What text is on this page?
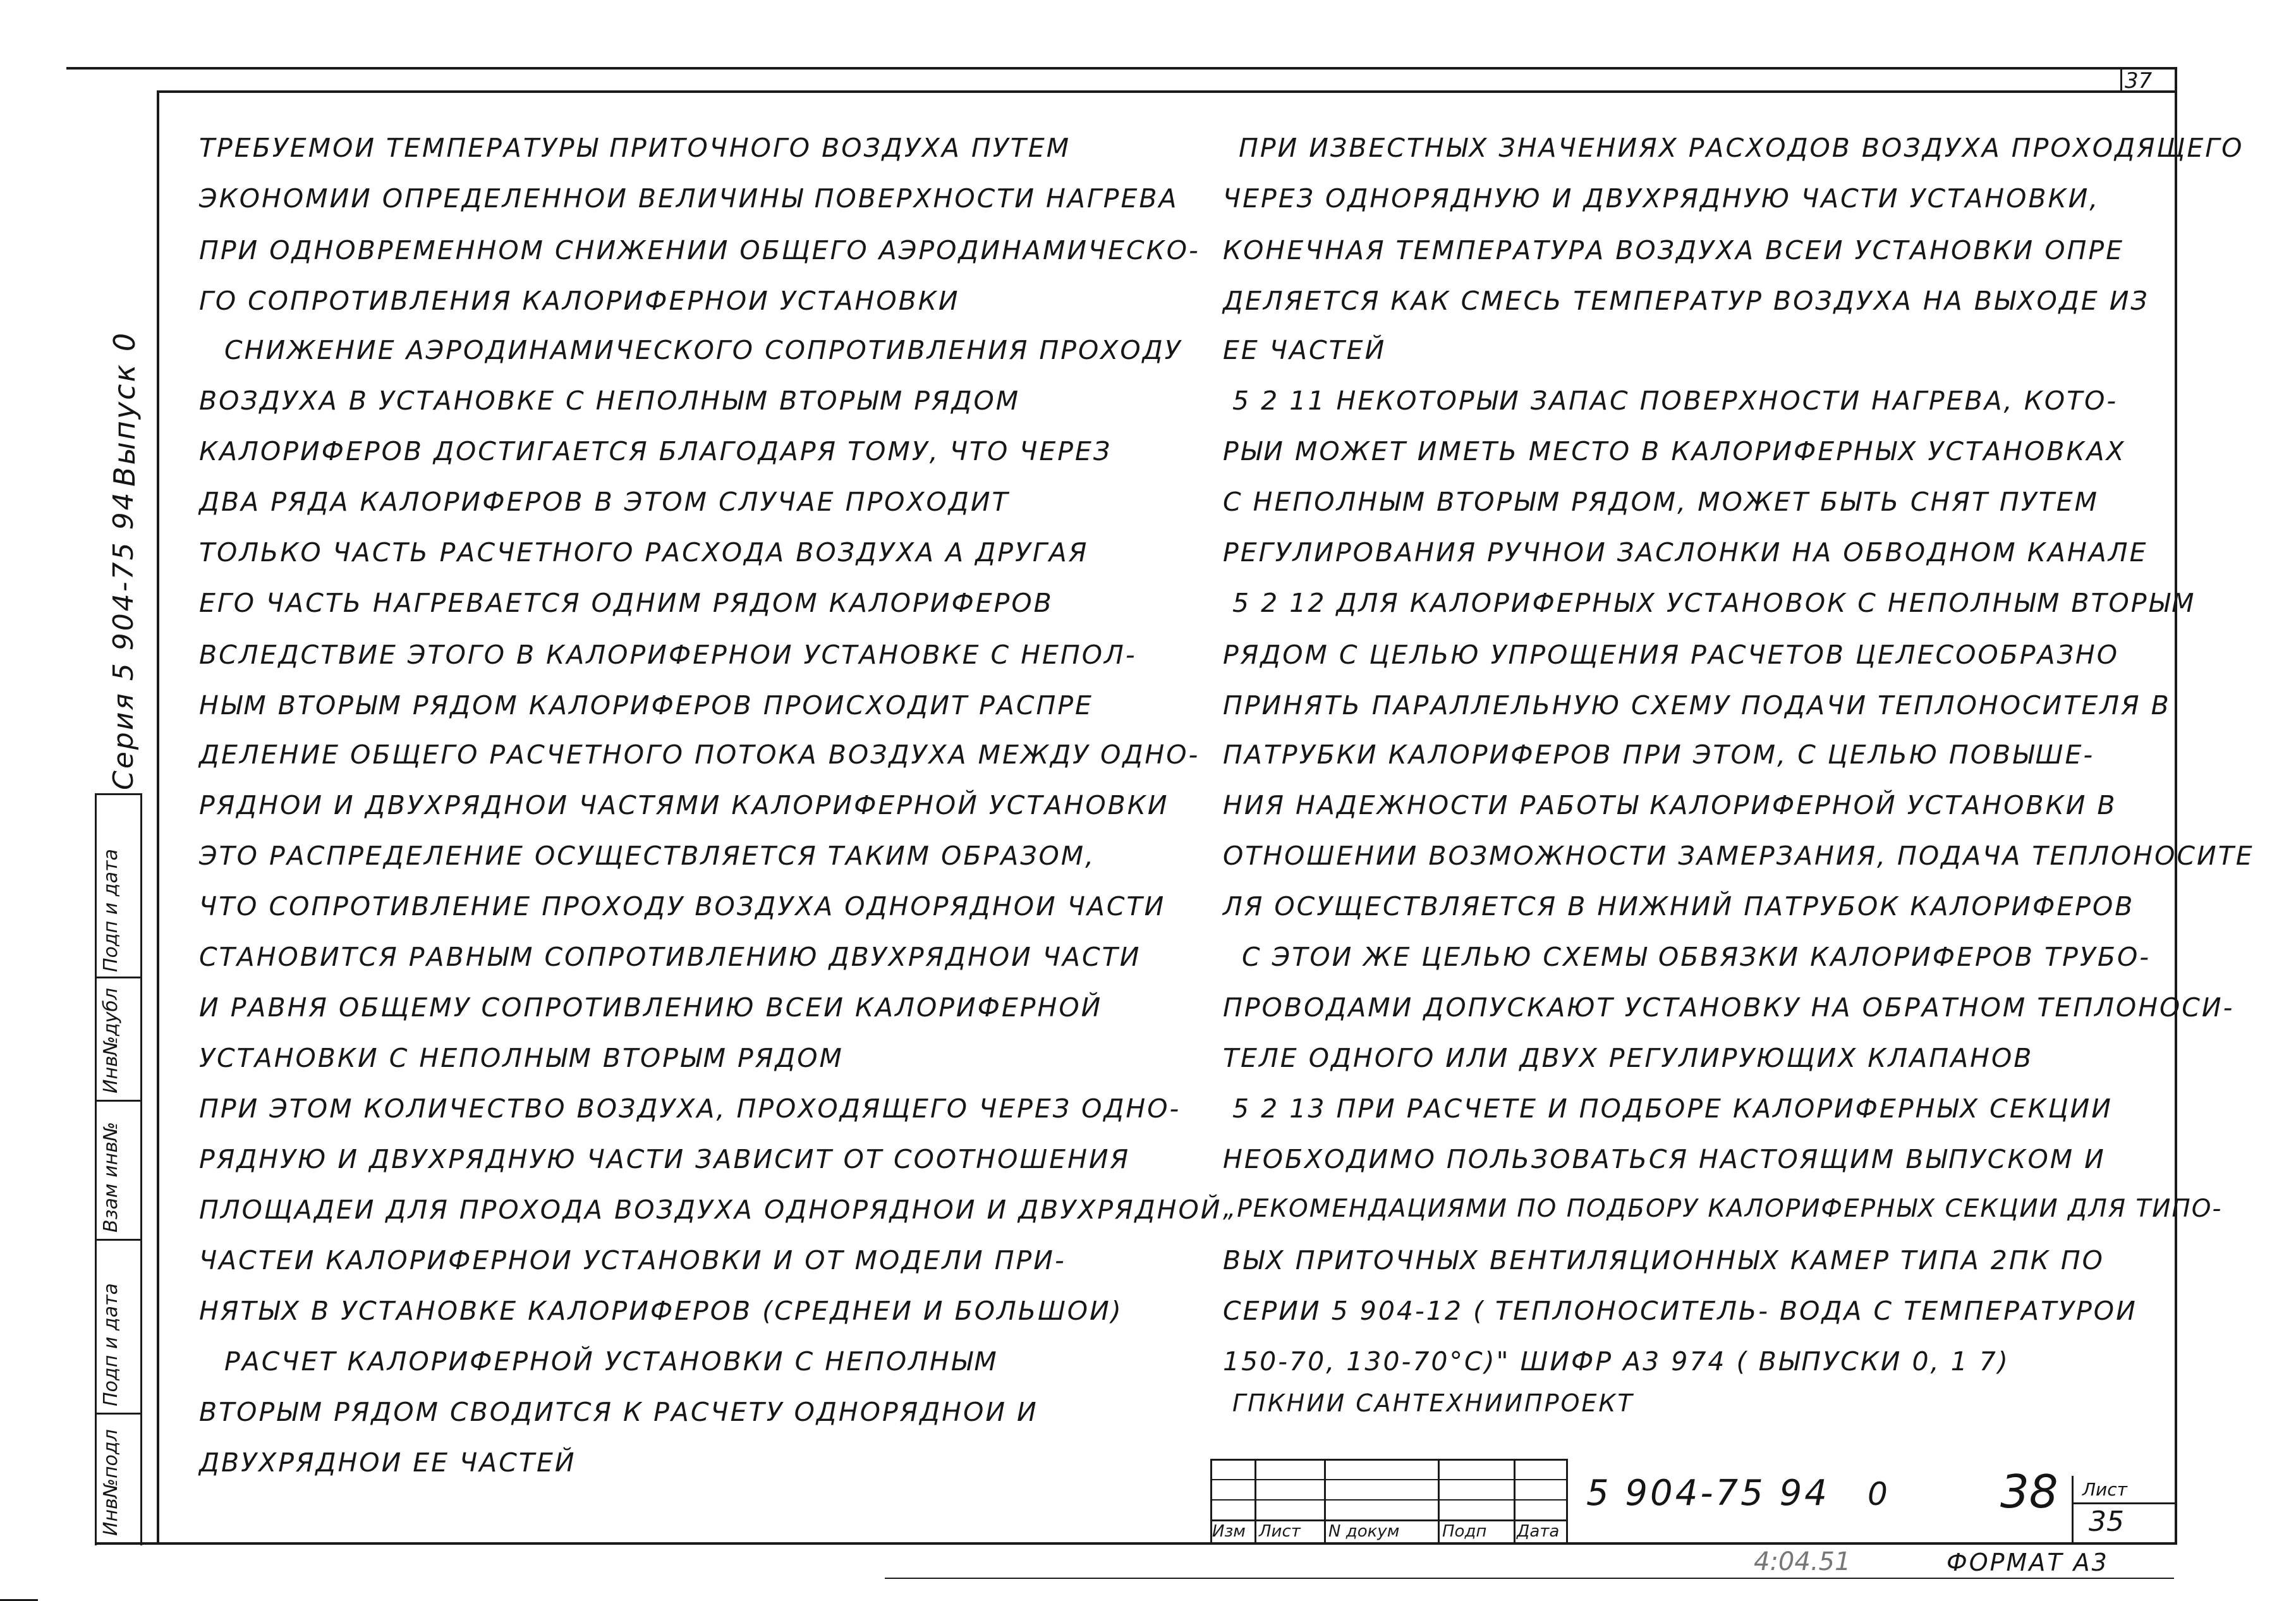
37
Серия 5 904-75 94
Выпуск 0
Инв№подл
Подп и дата
Взам инв№
Инв№дубл
Подп и дата
ТРЕБУЕМОИ ТЕМПЕРАТУРЫ ПРИТОЧНОГО ВОЗДУХА ПУТЕМ
ЭКОНОМИИ ОПРЕДЕЛЕННОИ ВЕЛИЧИНЫ ПОВЕРХНОСТИ НАГРЕВА
ПРИ ОДНОВРЕМЕННОМ СНИЖЕНИИ ОБЩЕГО АЭРОДИНАМИЧЕСКО-
ГО СОПРОТИВЛЕНИЯ КАЛОРИФЕРНОИ УСТАНОВКИ
СНИЖЕНИЕ АЭРОДИНАМИЧЕСКОГО СОПРОТИВЛЕНИЯ ПРОХОДУ
ВОЗДУХА В УСТАНОВКЕ С НЕПОЛНЫМ ВТОРЫМ РЯДОМ
КАЛОРИФЕРОВ ДОСТИГАЕТСЯ БЛАГОДАРЯ ТОМУ, ЧТО ЧЕРЕЗ
ДВА РЯДА КАЛОРИФЕРОВ В ЭТОМ СЛУЧАЕ ПРОХОДИТ
ТОЛЬКО ЧАСТЬ РАСЧЕТНОГО РАСХОДА ВОЗДУХА А ДРУГАЯ
ЕГО ЧАСТЬ НАГРЕВАЕТСЯ ОДНИМ РЯДОМ КАЛОРИФЕРОВ
ВСЛЕДСТВИЕ ЭТОГО В КАЛОРИФЕРНОИ УСТАНОВКЕ С НЕПОЛ-
НЫМ ВТОРЫМ РЯДОМ КАЛОРИФЕРОВ ПРОИСХОДИТ РАСПРЕ
ДЕЛЕНИЕ ОБЩЕГО РАСЧЕТНОГО ПОТОКА ВОЗДУХА МЕЖДУ ОДНО-
РЯДНОИ И ДВУХРЯДНОИ ЧАСТЯМИ КАЛОРИФЕРНОЙ УСТАНОВКИ
ЭТО РАСПРЕДЕЛЕНИЕ ОСУЩЕСТВЛЯЕТСЯ ТАКИМ ОБРАЗОМ,
ЧТО СОПРОТИВЛЕНИЕ ПРОХОДУ ВОЗДУХА ОДНОРЯДНОИ ЧАСТИ
СТАНОВИТСЯ РАВНЫМ СОПРОТИВЛЕНИЮ ДВУХРЯДНОИ ЧАСТИ
И РАВНЯ ОБЩЕМУ СОПРОТИВЛЕНИЮ ВСЕИ КАЛОРИФЕРНОЙ
УСТАНОВКИ С НЕПОЛНЫМ ВТОРЫМ РЯДОМ
ПРИ ЭТОМ КОЛИЧЕСТВО ВОЗДУХА, ПРОХОДЯЩЕГО ЧЕРЕЗ ОДНО-
РЯДНУЮ И ДВУХРЯДНУЮ ЧАСТИ ЗАВИСИТ ОТ СООТНОШЕНИЯ
ПЛОЩАДЕИ ДЛЯ ПРОХОДА ВОЗДУХА ОДНОРЯДНОИ И ДВУХРЯДНОЙ
ЧАСТЕИ КАЛОРИФЕРНОИ УСТАНОВКИ И ОТ МОДЕЛИ ПРИ-
НЯТЫХ В УСТАНОВКЕ КАЛОРИФЕРОВ (СРЕДНЕИ И БОЛЬШОИ)
РАСЧЕТ КАЛОРИФЕРНОЙ УСТАНОВКИ С НЕПОЛНЫМ
ВТОРЫМ РЯДОМ СВОДИТСЯ К РАСЧЕТУ ОДНОРЯДНОИ И
ДВУХРЯДНОИ ЕЕ ЧАСТЕЙ
ПРИ ИЗВЕСТНЫХ ЗНАЧЕНИЯХ РАСХОДОВ ВОЗДУХА ПРОХОДЯЩЕГО
ЧЕРЕЗ ОДНОРЯДНУЮ И ДВУХРЯДНУЮ ЧАСТИ УСТАНОВКИ,
КОНЕЧНАЯ ТЕМПЕРАТУРА ВОЗДУХА ВСЕИ УСТАНОВКИ ОПРЕ
ДЕЛЯЕТСЯ КАК СМЕСЬ ТЕМПЕРАТУР ВОЗДУХА НА ВЫХОДЕ ИЗ
ЕЕ ЧАСТЕЙ
5 2 11 НЕКОТОРЫИ ЗАПАС ПОВЕРХНОСТИ НАГРЕВА, КОТО-
РЫИ МОЖЕТ ИМЕТЬ МЕСТО В КАЛОРИФЕРНЫХ УСТАНОВКАХ
С НЕПОЛНЫМ ВТОРЫМ РЯДОМ, МОЖЕТ БЫТЬ СНЯТ ПУТЕМ
РЕГУЛИРОВАНИЯ РУЧНОИ ЗАСЛОНКИ НА ОБВОДНОМ КАНАЛЕ
5 2 12 ДЛЯ КАЛОРИФЕРНЫХ УСТАНОВОК С НЕПОЛНЫМ ВТОРЫМ
РЯДОМ С ЦЕЛЬЮ УПРОЩЕНИЯ РАСЧЕТОВ ЦЕЛЕСООБРАЗНО
ПРИНЯТЬ ПАРАЛЛЕЛЬНУЮ СХЕМУ ПОДАЧИ ТЕПЛОНОСИТЕЛЯ В
ПАТРУБКИ КАЛОРИФЕРОВ ПРИ ЭТОМ, С ЦЕЛЬЮ ПОВЫШЕ-
НИЯ НАДЕЖНОСТИ РАБОТЫ КАЛОРИФЕРНОЙ УСТАНОВКИ В
ОТНОШЕНИИ ВОЗМОЖНОСТИ ЗАМЕРЗАНИЯ, ПОДАЧА ТЕПЛОНОСИТЕ
ЛЯ ОСУЩЕСТВЛЯЕТСЯ В НИЖНИЙ ПАТРУБОК КАЛОРИФЕРОВ
С ЭТОИ ЖЕ ЦЕЛЬЮ СХЕМЫ ОБВЯЗКИ КАЛОРИФЕРОВ ТРУБО-
ПРОВОДАМИ ДОПУСКАЮТ УСТАНОВКУ НА ОБРАТНОМ ТЕПЛОНОСИ-
ТЕЛЕ ОДНОГО ИЛИ ДВУХ РЕГУЛИРУЮЩИХ КЛАПАНОВ
5 2 13 ПРИ РАСЧЕТЕ И ПОДБОРЕ КАЛОРИФЕРНЫХ СЕКЦИИ
НЕОБХОДИМО ПОЛЬЗОВАТЬСЯ НАСТОЯЩИМ ВЫПУСКОМ И
„РЕКОМЕНДАЦИЯМИ ПО ПОДБОРУ КАЛОРИФЕРНЫХ СЕКЦИИ ДЛЯ ТИПО-
ВЫХ ПРИТОЧНЫХ ВЕНТИЛЯЦИОННЫХ КАМЕР ТИПА 2ПК ПО
СЕРИИ 5 904-12 ( ТЕПЛОНОСИТЕЛЬ- ВОДА С ТЕМПЕРАТУРОИ
150-70, 130-70°С)" ШИФР А3 974 ( ВЫПУСКИ 0, 1 7)
ГПКНИИ САНТЕХНИИПРОЕКТ
Изм Лист N докум	Подп Дата
5 904-75 94 0 38 Лист
35
4:04.51	ФОРМАТ А3
